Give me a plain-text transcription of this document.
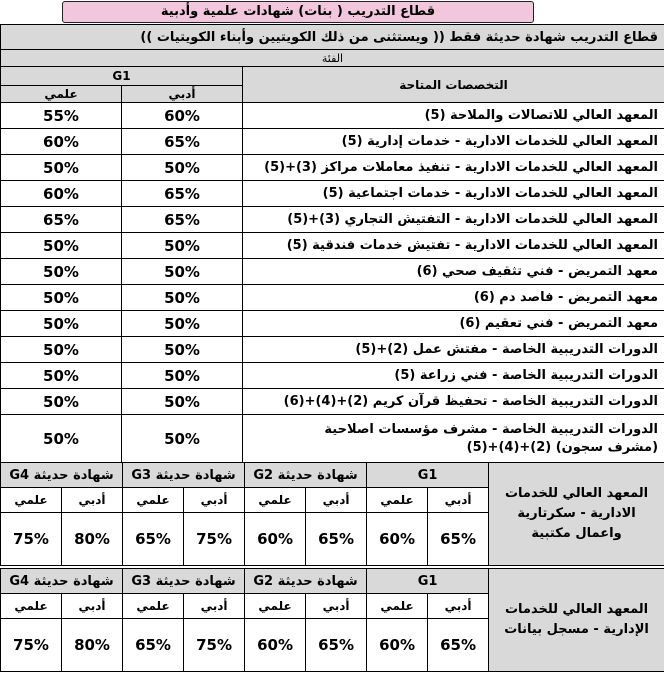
قطاع التدريب ( بنات) شهادات علمية وأدبية
قطاع التدريب شهادة حديثة فقط (( ويستثنى من ذلك الكويتيين وأبناء الكويتيات ))		
الفئة		
التخصصات المتاحة	G1	
	أدبي	علمي
المعهد العالي للاتصالات والملاحة (5)	60%	55%
المعهد العالي للخدمات الادارية - خدمات إدارية (5)	65%	60%
المعهد العالي للخدمات الادارية - تنفيذ معاملات مراكز (3)+(5)	50%	50%
المعهد العالي للخدمات الادارية - خدمات اجتماعية (5)	65%	60%
المعهد العالي للخدمات الادارية - التفتيش التجاري (3)+(5)	65%	65%
المعهد العالي للخدمات الادارية - تفتيش خدمات فندقية (5)	50%	50%
معهد التمريض - فني تثقيف صحي (6)	50%	50%
معهد التمريض - فاصد دم (6)	50%	50%
معهد التمريض - فني تعقيم (6)	50%	50%
الدورات التدريبية الخاصة - مفتش عمل (2)+(5)	50%	50%
الدورات التدريبية الخاصة - فني زراعة (5)	50%	50%
الدورات التدريبية الخاصة - تحفيظ قرآن كريم (2)+(4)+(6)	50%	50%

الدورات التدريبية الخاصة - مشرف مؤسسات اصلاحية
(مشرف سجون) (2)+(4)+(5)	50%	50%
المعهد العالي للخدمات الادارية - سكرتارية واعمال مكتبية	G1		شهادة حديثة G2		شهادة حديثة G3		شهادة حديثة G4	
	أدبي	علمي	أدبي	علمي	أدبي	علمي	أدبي	علمي
	65%	60%	65%	60%	75%	65%	80%	75%
المعهد العالي للخدمات الإدارية - مسجل بيانات	G1		شهادة حديثة G2		شهادة حديثة G3		شهادة حديثة G4	
	أدبي	علمي	أدبي	علمي	أدبي	علمي	أدبي	علمي
	65%	60%	65%	60%	75%	65%	80%	75%
